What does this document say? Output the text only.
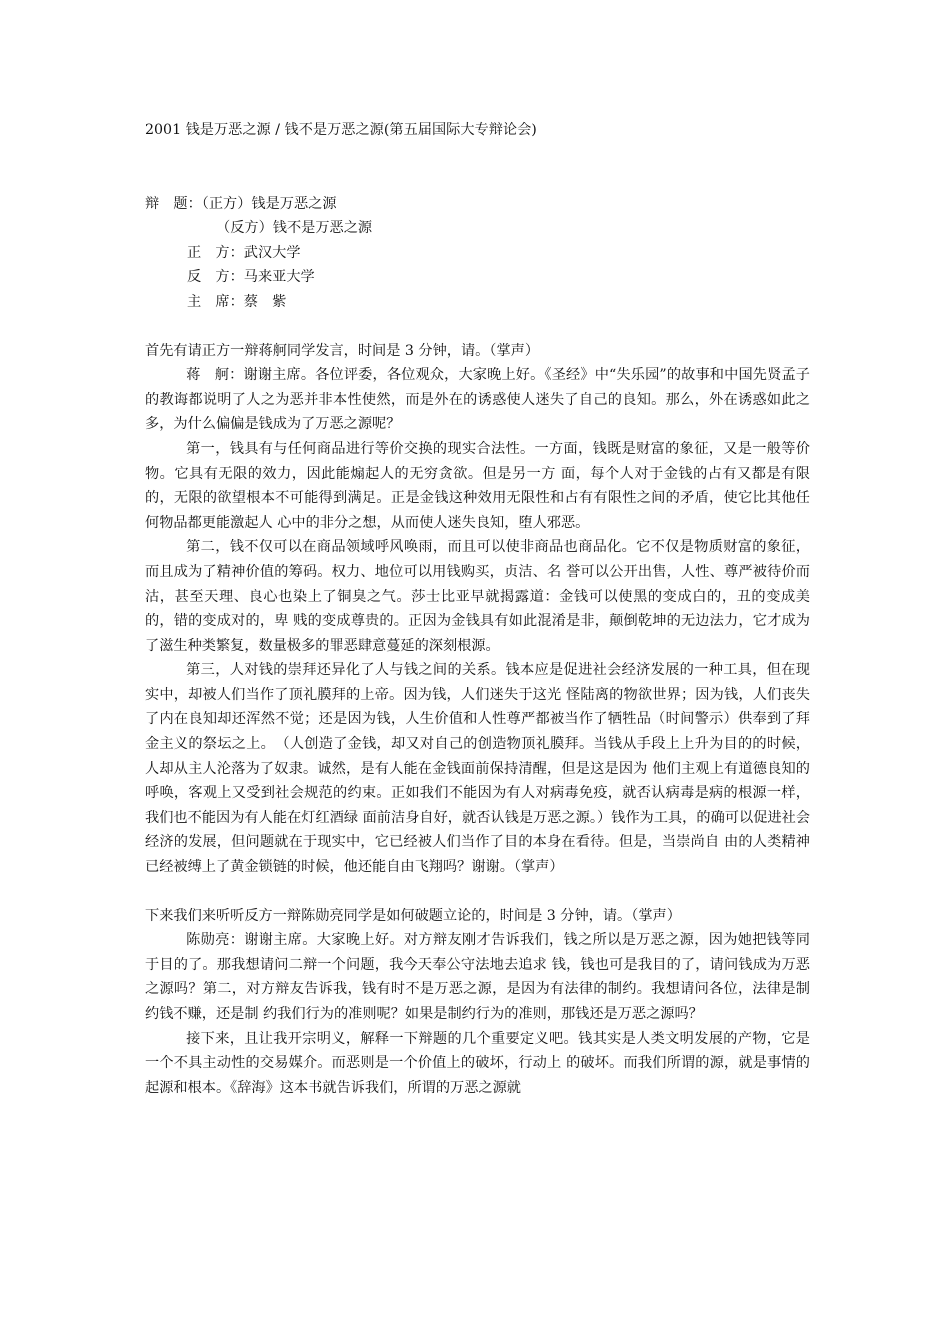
2001 钱是万恶之源 / 钱不是万恶之源(第五届国际大专辩论会)
辩　题：（正方）钱是万恶之源
（反方）钱不是万恶之源
正　方：武汉大学
反　方：马来亚大学
主　席：蔡　紫

首先有请正方一辩蒋舸同学发言，时间是 3 分钟，请。（掌声）

蒋　舸：谢谢主席。各位评委，各位观众，大家晚上好。《圣经》中“失乐园”的故事和中国先贤孟子的教诲都说明了人之为恶并非本性使然，而是外在的诱惑使人迷失了自己的良知。那么，外在诱惑如此之多，为什么偏偏是钱成为了万恶之源呢？

第一，钱具有与任何商品进行等价交换的现实合法性。一方面，钱既是财富的象征，又是一般等价物。它具有无限的效力，因此能煽起人的无穷贪欲。但是另一方 面，每个人对于金钱的占有又都是有限的，无限的欲望根本不可能得到满足。正是金钱这种效用无限性和占有有限性之间的矛盾，使它比其他任何物品都更能激起人 心中的非分之想，从而使人迷失良知，堕人邪恶。

第二，钱不仅可以在商品领域呼风唤雨，而且可以使非商品也商品化。它不仅是物质财富的象征，而且成为了精神价值的筹码。权力、地位可以用钱购买，贞洁、名 誉可以公开出售，人性、尊严被待价而沽，甚至天理、良心也染上了铜臭之气。莎士比亚早就揭露道：金钱可以使黑的变成白的，丑的变成美的，错的变成对的，卑 贱的变成尊贵的。正因为金钱具有如此混淆是非，颠倒乾坤的无边法力，它才成为了滋生种类繁复，数量极多的罪恶肆意蔓延的深刻根源。

第三，人对钱的崇拜还异化了人与钱之间的关系。钱本应是促进社会经济发展的一种工具，但在现实中，却被人们当作了顶礼膜拜的上帝。因为钱，人们迷失于这光 怪陆离的物欲世界；因为钱，人们丧失了内在良知却还浑然不觉；还是因为钱，人生价值和人性尊严都被当作了牺牲品（时间警示）供奉到了拜金主义的祭坛之上。　（人创造了金钱，却又对自己的创造物顶礼膜拜。当钱从手段上上升为目的的时候，人却从主人沦落为了奴隶。诚然，是有人能在金钱面前保持清醒，但是这是因为 他们主观上有道德良知的呼唤，客观上又受到社会规范的约束。正如我们不能因为有人对病毒免疫，就否认病毒是病的根源一样，我们也不能因为有人能在灯红酒绿 面前洁身自好，就否认钱是万恶之源。）钱作为工具，的确可以促进社会经济的发展，但问题就在于现实中，它已经被人们当作了目的本身在看待。但是，当崇尚自 由的人类精神已经被缚上了黄金锁链的时候，他还能自由飞翔吗？谢谢。（掌声）

下来我们来听听反方一辩陈勋亮同学是如何破题立论的，时间是 3 分钟，请。（掌声）

陈勋亮：谢谢主席。大家晚上好。对方辩友刚才告诉我们，钱之所以是万恶之源，因为她把钱等同于目的了。那我想请问二辩一个问题，我今天奉公守法地去追求 钱，钱也可是我目的了，请问钱成为万恶之源吗？第二，对方辩友告诉我，钱有时不是万恶之源，是因为有法律的制约。我想请问各位，法律是制约钱不赚，还是制 约我们行为的准则呢？如果是制约行为的准则，那钱还是万恶之源吗？

接下来，且让我开宗明义，解释一下辩题的几个重要定义吧。钱其实是人类文明发展的产物，它是一个不具主动性的交易媒介。而恶则是一个价值上的破坏，行动上 的破坏。而我们所谓的源，就是事情的起源和根本。《辞海》这本书就告诉我们，所谓的万恶之源就
